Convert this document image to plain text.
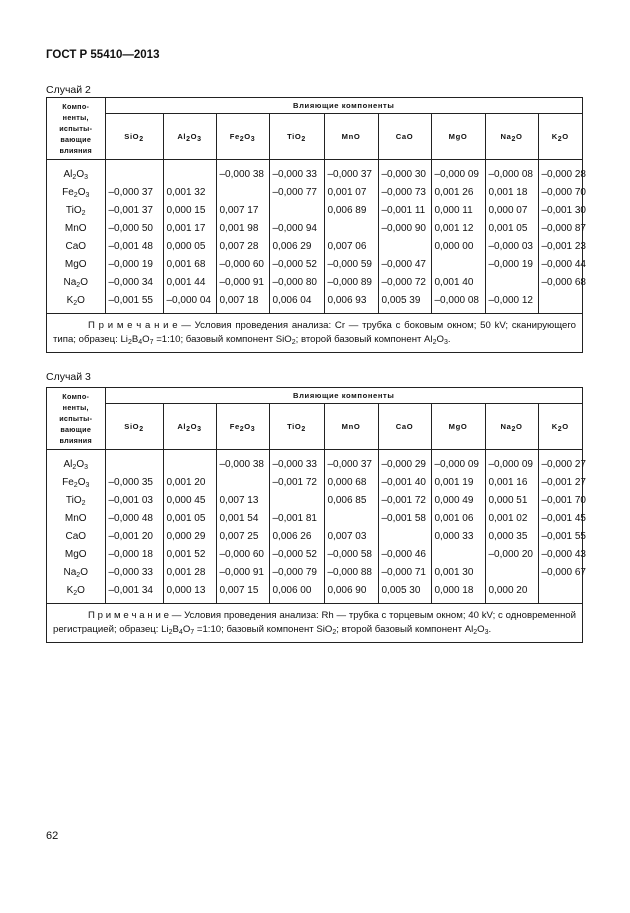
ГОСТ Р 55410—2013
Случай 2
Компо-
ненты,
испыты-
вающие
влияния	Влияющие компоненты								
	SiO$_2$	$Al_2O_3$	$Fe_2O_3$	TiO$_2$	MnO	CaO	MgO	$Na_2O$	$K_2O$
$Al_2O_3$			–0,000 38	–0,000 33	–0,000 37	–0,000 30	–0,000 09	–0,000 08	–0,000 28
$Fe_2O_3$	–0,000 37	0,001 32		–0,000 77	0,001 07	–0,000 73	0,001 26	0,001 18	–0,000 70
TiO$_2$	–0,001 37	0,000 15	0,007 17		0,006 89	–0,001 11	0,000 11	0,000 07	–0,001 30
MnO	–0,000 50	0,001 17	0,001 98	–0,000 94		–0,000 90	0,001 12	0,001 05	–0,000 87
CaO	–0,001 48	0,000 05	0,007 28	0,006 29	0,007 06		0,000 00	–0,000 03	–0,001 23
MgO	–0,000 19	0,001 68	–0,000 60	–0,000 52	–0,000 59	–0,000 47		–0,000 19	–0,000 44
$Na_2O$	–0,000 34	0,001 44	–0,000 91	–0,000 80	–0,000 89	–0,000 72	0,001 40		–0,000 68
$K_2O$	–0,001 55	–0,000 04	0,007 18	0,006 04	0,006 93	0,005 39	–0,000 08	–0,000 12	
П р и м е ч а н и е — Условия проведения анализа: Cr — трубка с боковым окном; 50 kV; сканирующего типа; образец: $Li_2B_4O_7$ =1:10; базовый компонент SiO$_2$; второй базовый компонент $Al_2O_3$.
Случай 3
Компо-
ненты,
испыты-
вающие
влияния	Влияющие компоненты								
	SiO$_2$	$Al_2O_3$	$Fe_2O_3$	TiO$_2$	MnO	CaO	MgO	$Na_2O$	$K_2O$
$Al_2O_3$			–0,000 38	–0,000 33	–0,000 37	–0,000 29	–0,000 09	–0,000 09	–0,000 27
$Fe_2O_3$	–0,000 35	0,001 20		–0,001 72	0,000 68	–0,001 40	0,001 19	0,001 16	–0,001 27
TiO$_2$	–0,001 03	0,000 45	0,007 13		0,006 85	–0,001 72	0,000 49	0,000 51	–0,001 70
MnO	–0,000 48	0,001 05	0,001 54	–0,001 81		–0,001 58	0,001 06	0,001 02	–0,001 45
CaO	–0,001 20	0,000 29	0,007 25	0,006 26	0,007 03		0,000 33	0,000 35	–0,001 55
MgO	–0,000 18	0,001 52	–0,000 60	–0,000 52	–0,000 58	–0,000 46		–0,000 20	–0,000 43
$Na_2O$	–0,000 33	0,001 28	–0,000 91	–0,000 79	–0,000 88	–0,000 71	0,001 30		–0,000 67
$K_2O$	–0,001 34	0,000 13	0,007 15	0,006 00	0,006 90	0,005 30	0,000 18	0,000 20	
П р и м е ч а н и е — Условия проведения анализа: Rh — трубка с торцевым окном; 40 kV; с одновременной регистрацией; образец: $Li_2B_4O_7$ =1:10; базовый компонент SiO$_2$; второй базовый компонент $Al_2O_3$.
62
